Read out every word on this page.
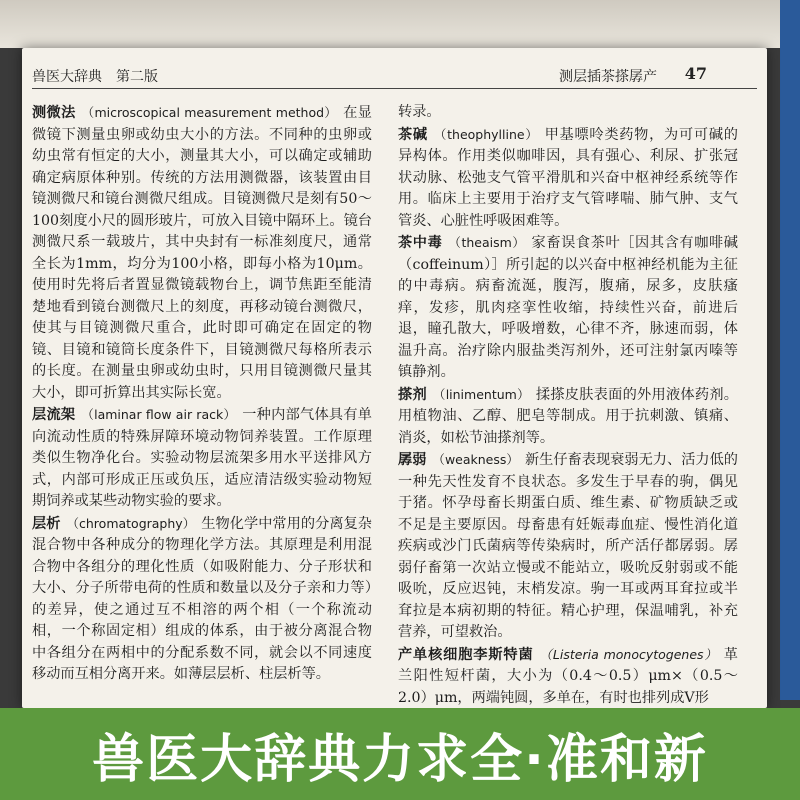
兽医大辞典　第二版	测层插茶搽孱产 47

测微法 （microscopical measurement method） 在显微镜下测量虫卵或幼虫大小的方法。不同种的虫卵或幼虫常有恒定的大小，测量其大小，可以确定或辅助确定病原体种别。传统的方法用测微器，该装置由目镜测微尺和镜台测微尺组成。目镜测微尺是刻有50～100刻度小尺的圆形玻片，可放入目镜中隔环上。镜台测微尺系一载玻片，其中央封有一标准刻度尺，通常全长为1mm，均分为100小格，即每小格为10μm。使用时先将后者置显微镜载物台上，调节焦距至能清楚地看到镜台测微尺上的刻度，再移动镜台测微尺，使其与目镜测微尺重合，此时即可确定在固定的物镜、目镜和镜筒长度条件下，目镜测微尺每格所表示的长度。在测量虫卵或幼虫时，只用目镜测微尺量其大小，即可折算出其实际长宽。

层流架 （laminar flow air rack） 一种内部气体具有单向流动性质的特殊屏障环境动物饲养装置。工作原理类似生物净化台。实验动物层流架多用水平送排风方式，内部可形成正压或负压，适应清洁级实验动物短期饲养或某些动物实验的要求。

层析 （chromatography） 生物化学中常用的分离复杂混合物中各种成分的物理化学方法。其原理是利用混合物中各组分的理化性质（如吸附能力、分子形状和大小、分子所带电荷的性质和数量以及分子亲和力等）的差异，使之通过互不相溶的两个相（一个称流动相，一个称固定相）组成的体系，由于被分离混合物中各组分在两相中的分配系数不同，就会以不同速度移动而互相分离开来。如薄层层析、柱层析等。

转录。

茶碱 （theophylline） 甲基嘌呤类药物，为可可碱的异构体。作用类似咖啡因，具有强心、利尿、扩张冠状动脉、松弛支气管平滑肌和兴奋中枢神经系统等作用。临床上主要用于治疗支气管哮喘、肺气肿、支气管炎、心脏性呼吸困难等。

茶中毒 （theaism） 家畜误食茶叶［因其含有咖啡碱（coffeinum）］所引起的以兴奋中枢神经机能为主征的中毒病。病畜流涎，腹泻，腹痛，尿多，皮肤瘙痒，发疹，肌肉痉挛性收缩，持续性兴奋，前进后退，瞳孔散大，呼吸增数，心律不齐，脉速而弱，体温升高。治疗除内服盐类泻剂外，还可注射氯丙嗪等镇静剂。

搽剂 （linimentum） 揉搽皮肤表面的外用液体药剂。用植物油、乙醇、肥皂等制成。用于抗刺激、镇痛、消炎，如松节油搽剂等。

孱弱 （weakness） 新生仔畜表现衰弱无力、活力低的一种先天性发育不良状态。多发生于早春的驹，偶见于猪。怀孕母畜长期蛋白质、维生素、矿物质缺乏或不足是主要原因。母畜患有妊娠毒血症、慢性消化道疾病或沙门氏菌病等传染病时，所产活仔都孱弱。孱弱仔畜第一次站立慢或不能站立，吸吮反射弱或不能吸吮，反应迟钝，末梢发凉。驹一耳或两耳耷拉或半耷拉是本病初期的特征。精心护理，保温哺乳，补充营养，可望救治。

产单核细胞李斯特菌 （Listeria monocytogenes） 革兰阳性短杆菌，大小为（0.4～0.5）μm×（0.5～2.0）μm，两端钝圆，多单在，有时也排列成V形

兽医大辞典力求全·准和新
